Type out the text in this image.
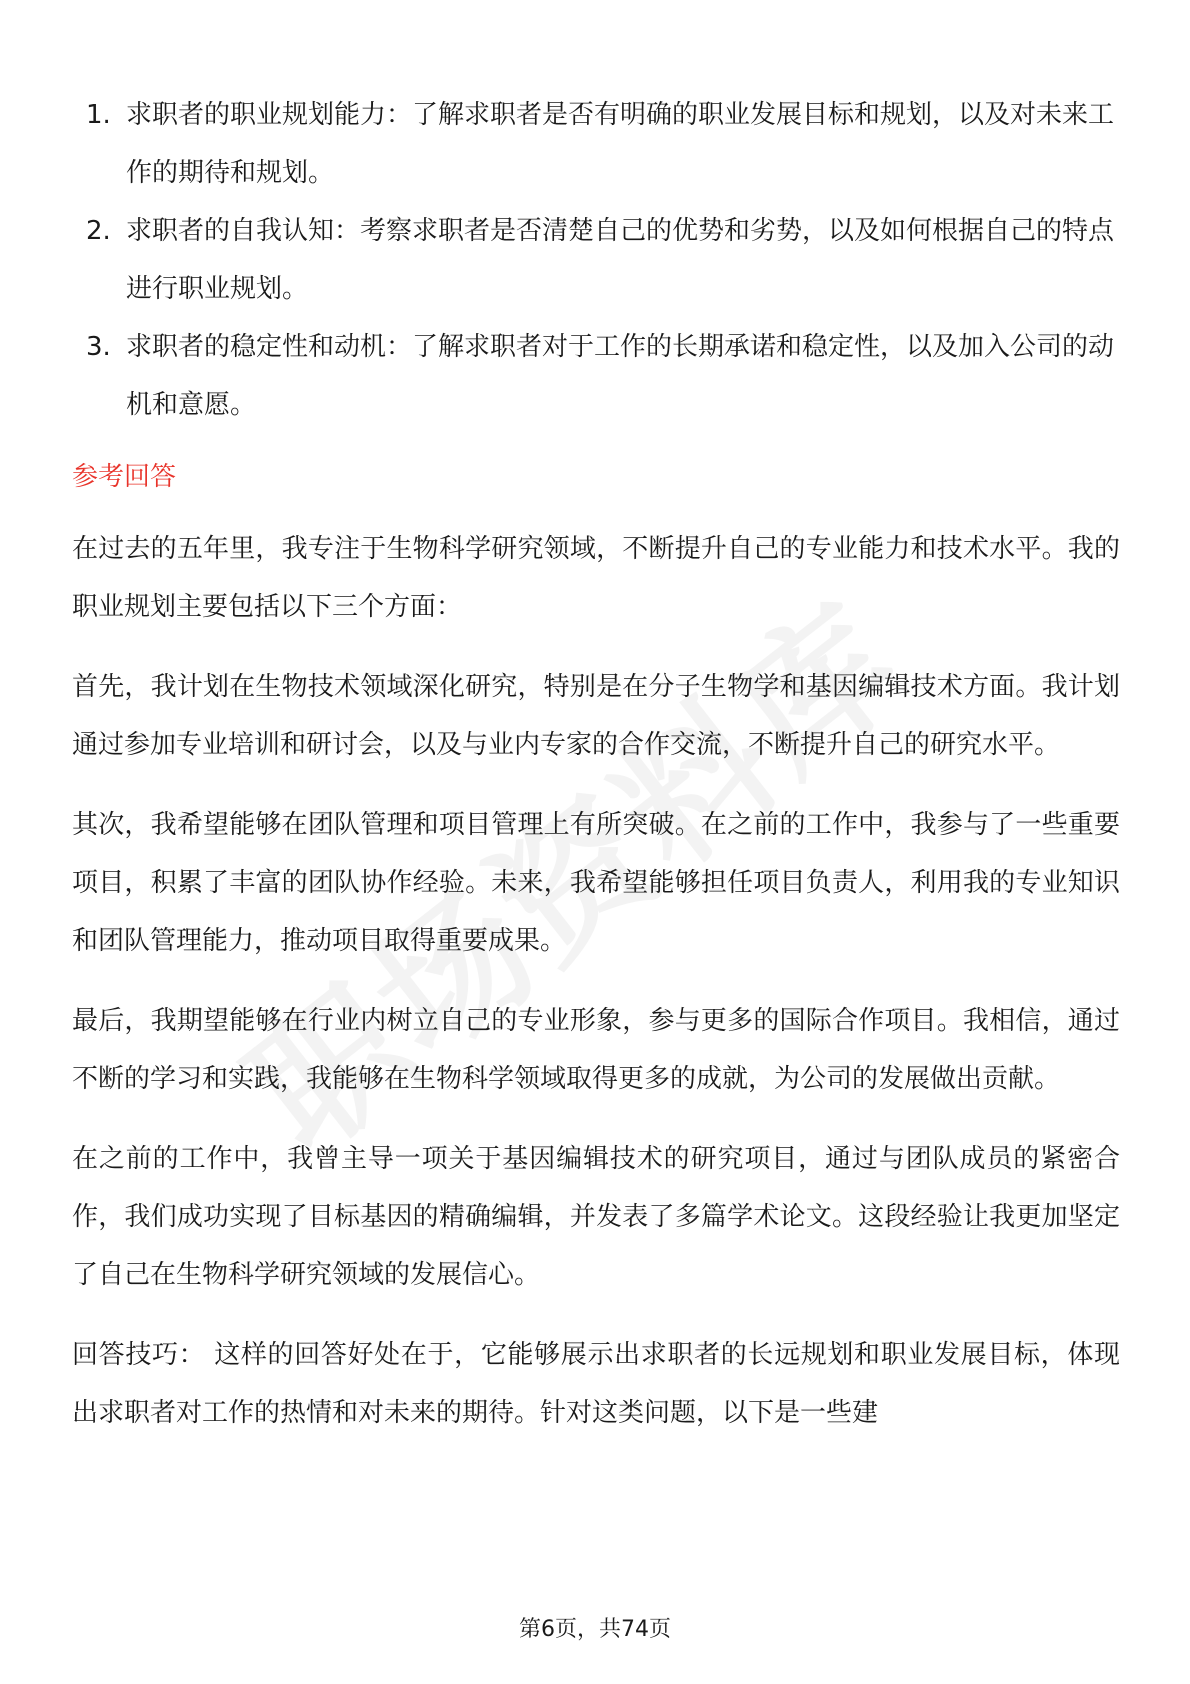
1. 求职者的职业规划能力：了解求职者是否有明确的职业发展目标和规划，以及对未来工作的期待和规划。
2. 求职者的自我认知：考察求职者是否清楚自己的优势和劣势，以及如何根据自己的特点进行职业规划。
3. 求职者的稳定性和动机：了解求职者对于工作的长期承诺和稳定性，以及加入公司的动机和意愿。
参考回答

在过去的五年里，我专注于生物科学研究领域，不断提升自己的专业能力和技术水平。我的职业规划主要包括以下三个方面：

首先，我计划在生物技术领域深化研究，特别是在分子生物学和基因编辑技术方面。我计划通过参加专业培训和研讨会，以及与业内专家的合作交流，不断提升自己的研究水平。

其次，我希望能够在团队管理和项目管理上有所突破。在之前的工作中，我参与了一些重要项目，积累了丰富的团队协作经验。未来，我希望能够担任项目负责人，利用我的专业知识和团队管理能力，推动项目取得重要成果。

最后，我期望能够在行业内树立自己的专业形象，参与更多的国际合作项目。我相信，通过不断的学习和实践，我能够在生物科学领域取得更多的成就，为公司的发展做出贡献。

在之前的工作中，我曾主导一项关于基因编辑技术的研究项目，通过与团队成员的紧密合作，我们成功实现了目标基因的精确编辑，并发表了多篇学术论文。这段经验让我更加坚定了自己在生物科学研究领域的发展信心。

回答技巧： 这样的回答好处在于，它能够展示出求职者的长远规划和职业发展目标，体现出求职者对工作的热情和对未来的期待。针对这类问题，以下是一些建

第6页，共74页
